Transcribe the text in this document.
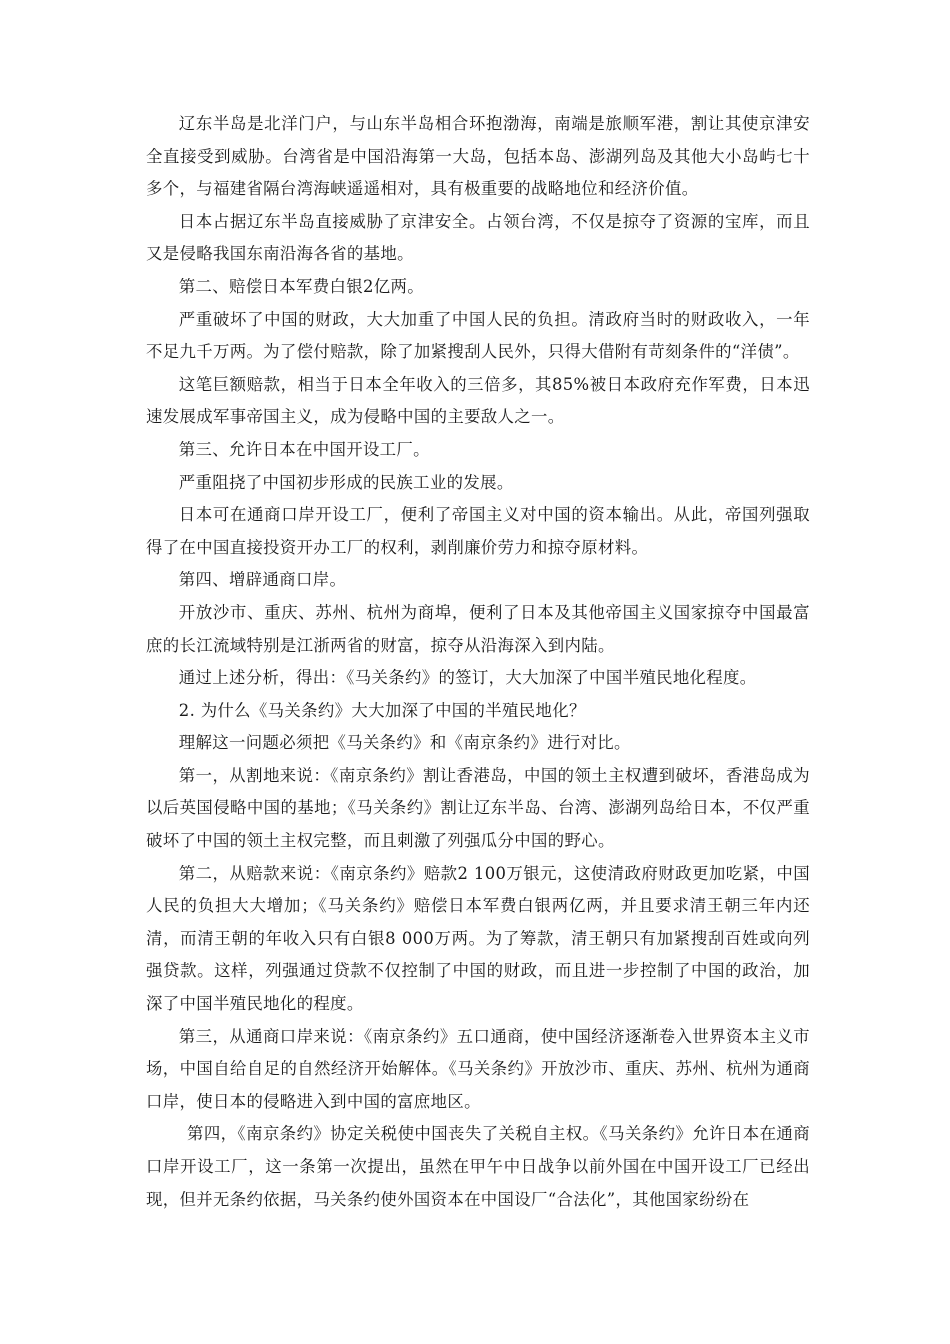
辽东半岛是北洋门户，与山东半岛相合环抱渤海，南端是旅顺军港，割让其使京津安全直接受到威胁。台湾省是中国沿海第一大岛，包括本岛、澎湖列岛及其他大小岛屿七十多个，与福建省隔台湾海峡遥遥相对，具有极重要的战略地位和经济价值。

日本占据辽东半岛直接威胁了京津安全。占领台湾，不仅是掠夺了资源的宝库，而且又是侵略我国东南沿海各省的基地。

第二、赔偿日本军费白银2亿两。

严重破坏了中国的财政，大大加重了中国人民的负担。清政府当时的财政收入，一年不足九千万两。为了偿付赔款，除了加紧搜刮人民外，只得大借附有苛刻条件的“洋债”。

这笔巨额赔款，相当于日本全年收入的三倍多，其85%被日本政府充作军费，日本迅速发展成军事帝国主义，成为侵略中国的主要敌人之一。

第三、允许日本在中国开设工厂。

严重阻挠了中国初步形成的民族工业的发展。

日本可在通商口岸开设工厂，便利了帝国主义对中国的资本输出。从此，帝国列强取得了在中国直接投资开办工厂的权利，剥削廉价劳力和掠夺原材料。

第四、增辟通商口岸。

开放沙市、重庆、苏州、杭州为商埠，便利了日本及其他帝国主义国家掠夺中国最富庶的长江流域特别是江浙两省的财富，掠夺从沿海深入到内陆。

通过上述分析，得出：《马关条约》的签订，大大加深了中国半殖民地化程度。

2. 为什么《马关条约》大大加深了中国的半殖民地化？

理解这一问题必须把《马关条约》和《南京条约》进行对比。

第一，从割地来说：《南京条约》割让香港岛，中国的领土主权遭到破坏，香港岛成为以后英国侵略中国的基地；《马关条约》割让辽东半岛、台湾、澎湖列岛给日本，不仅严重破坏了中国的领土主权完整，而且刺激了列强瓜分中国的野心。

第二，从赔款来说：《南京条约》赔款2 100万银元，这使清政府财政更加吃紧，中国人民的负担大大增加；《马关条约》赔偿日本军费白银两亿两，并且要求清王朝三年内还清，而清王朝的年收入只有白银8 000万两。为了筹款，清王朝只有加紧搜刮百姓或向列强贷款。这样，列强通过贷款不仅控制了中国的财政，而且进一步控制了中国的政治，加深了中国半殖民地化的程度。

第三，从通商口岸来说：《南京条约》五口通商，使中国经济逐渐卷入世界资本主义市场，中国自给自足的自然经济开始解体。《马关条约》开放沙市、重庆、苏州、杭州为通商口岸，使日本的侵略进入到中国的富庶地区。

第四，《南京条约》协定关税使中国丧失了关税自主权。《马关条约》允许日本在通商口岸开设工厂，这一条第一次提出，虽然在甲午中日战争以前外国在中国开设工厂已经出现，但并无条约依据，马关条约使外国资本在中国设厂“合法化”，其他国家纷纷在
